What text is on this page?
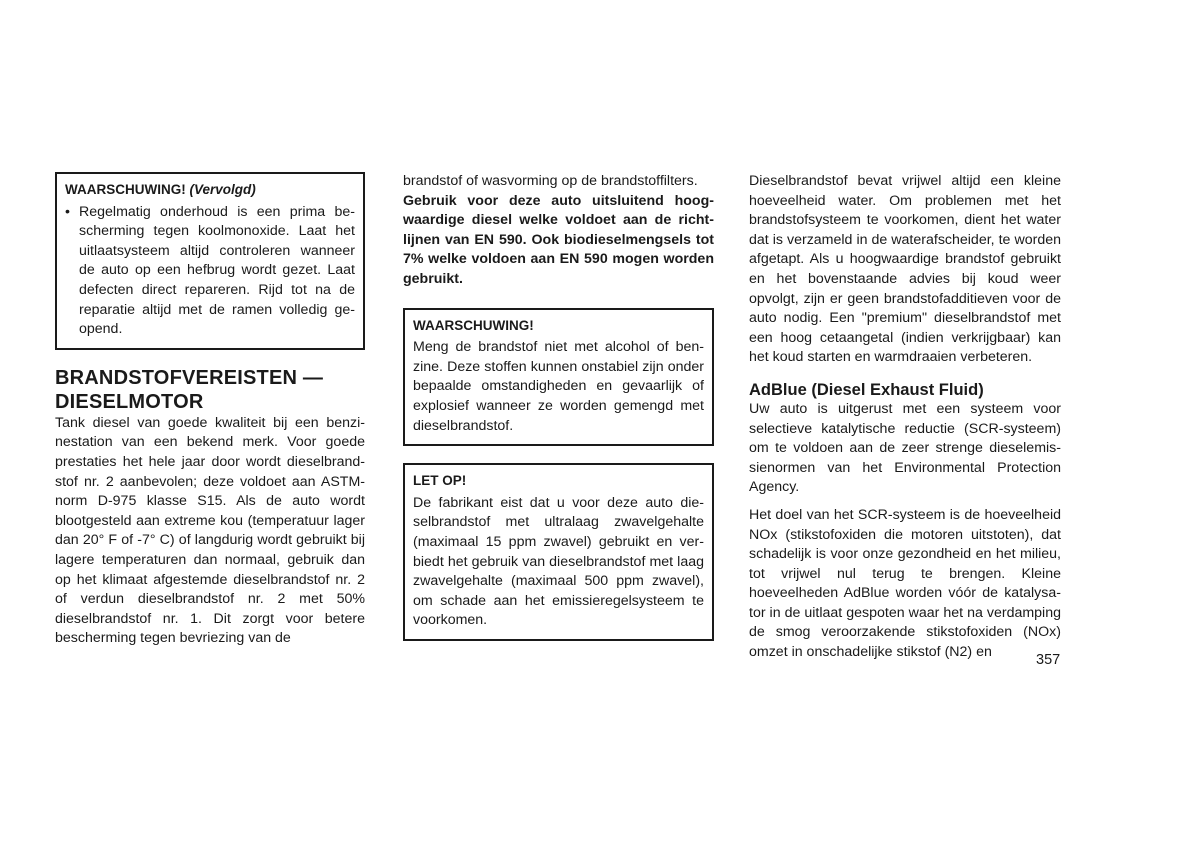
WAARSCHUWING! (Vervolgd)
• Regelmatig onderhoud is een prima bescherming tegen koolmonoxide. Laat het uitlaatsysteem altijd controleren wanneer de auto op een hefbrug wordt gezet. Laat defecten direct repareren. Rijd tot na de reparatie altijd met de ramen volledig geopend.

BRANDSTOFVEREISTEN —
DIESELMOTOR

Tank diesel van goede kwaliteit bij een benzinestation van een bekend merk. Voor goede prestaties het hele jaar door wordt dieselbrandstof nr. 2 aanbevolen; deze voldoet aan ASTM-norm D-975 klasse S15. Als de auto wordt blootgesteld aan extreme kou (temperatuur lager dan 20° F of -7° C) of langdurig wordt gebruikt bij lagere temperaturen dan normaal, gebruik dan op het klimaat afgestemde dieselbrandstof nr. 2 of verdun dieselbrandstof nr. 2 met 50% dieselbrandstof nr. 1. Dit zorgt voor betere bescherming tegen bevriezing van de

brandstof of wasvorming op de brandstoffilters.

Gebruik voor deze auto uitsluitend hoogwaardige diesel welke voldoet aan de richtlijnen van EN 590. Ook biodieselmengsels tot 7% welke voldoen aan EN 590 mogen worden gebruikt.

WAARSCHUWING!

Meng de brandstof niet met alcohol of benzine. Deze stoffen kunnen onstabiel zijn onder bepaalde omstandigheden en gevaarlijk of explosief wanneer ze worden gemengd met dieselbrandstof.

LET OP!

De fabrikant eist dat u voor deze auto dieselbrandstof met ultralaag zwavelgehalte (maximaal 15 ppm zwavel) gebruikt en verbiedt het gebruik van dieselbrandstof met laag zwavelgehalte (maximaal 500 ppm zwavel), om schade aan het emissieregelsysteem te voorkomen.

Dieselbrandstof bevat vrijwel altijd een kleine hoeveelheid water. Om problemen met het brandstofsysteem te voorkomen, dient het water dat is verzameld in de waterafscheider, te worden afgetapt. Als u hoogwaardige brandstof gebruikt en het bovenstaande advies bij koud weer opvolgt, zijn er geen brandstofadditieven voor de auto nodig. Een "premium" dieselbrandstof met een hoog cetaangetal (indien verkrijgbaar) kan het koud starten en warmdraaien verbeteren.

AdBlue (Diesel Exhaust Fluid)

Uw auto is uitgerust met een systeem voor selectieve katalytische reductie (SCR-systeem) om te voldoen aan de zeer strenge dieselemissienormen van het Environmental Protection Agency.

Het doel van het SCR-systeem is de hoeveelheid NOx (stikstofoxiden die motoren uitstoten), dat schadelijk is voor onze gezondheid en het milieu, tot vrijwel nul terug te brengen. Kleine hoeveelheden AdBlue worden vóór de katalysator in de uitlaat gespoten waar het na verdamping de smog veroorzakende stikstofoxiden (NOx) omzet in onschadelijke stikstof (N2) en	357
